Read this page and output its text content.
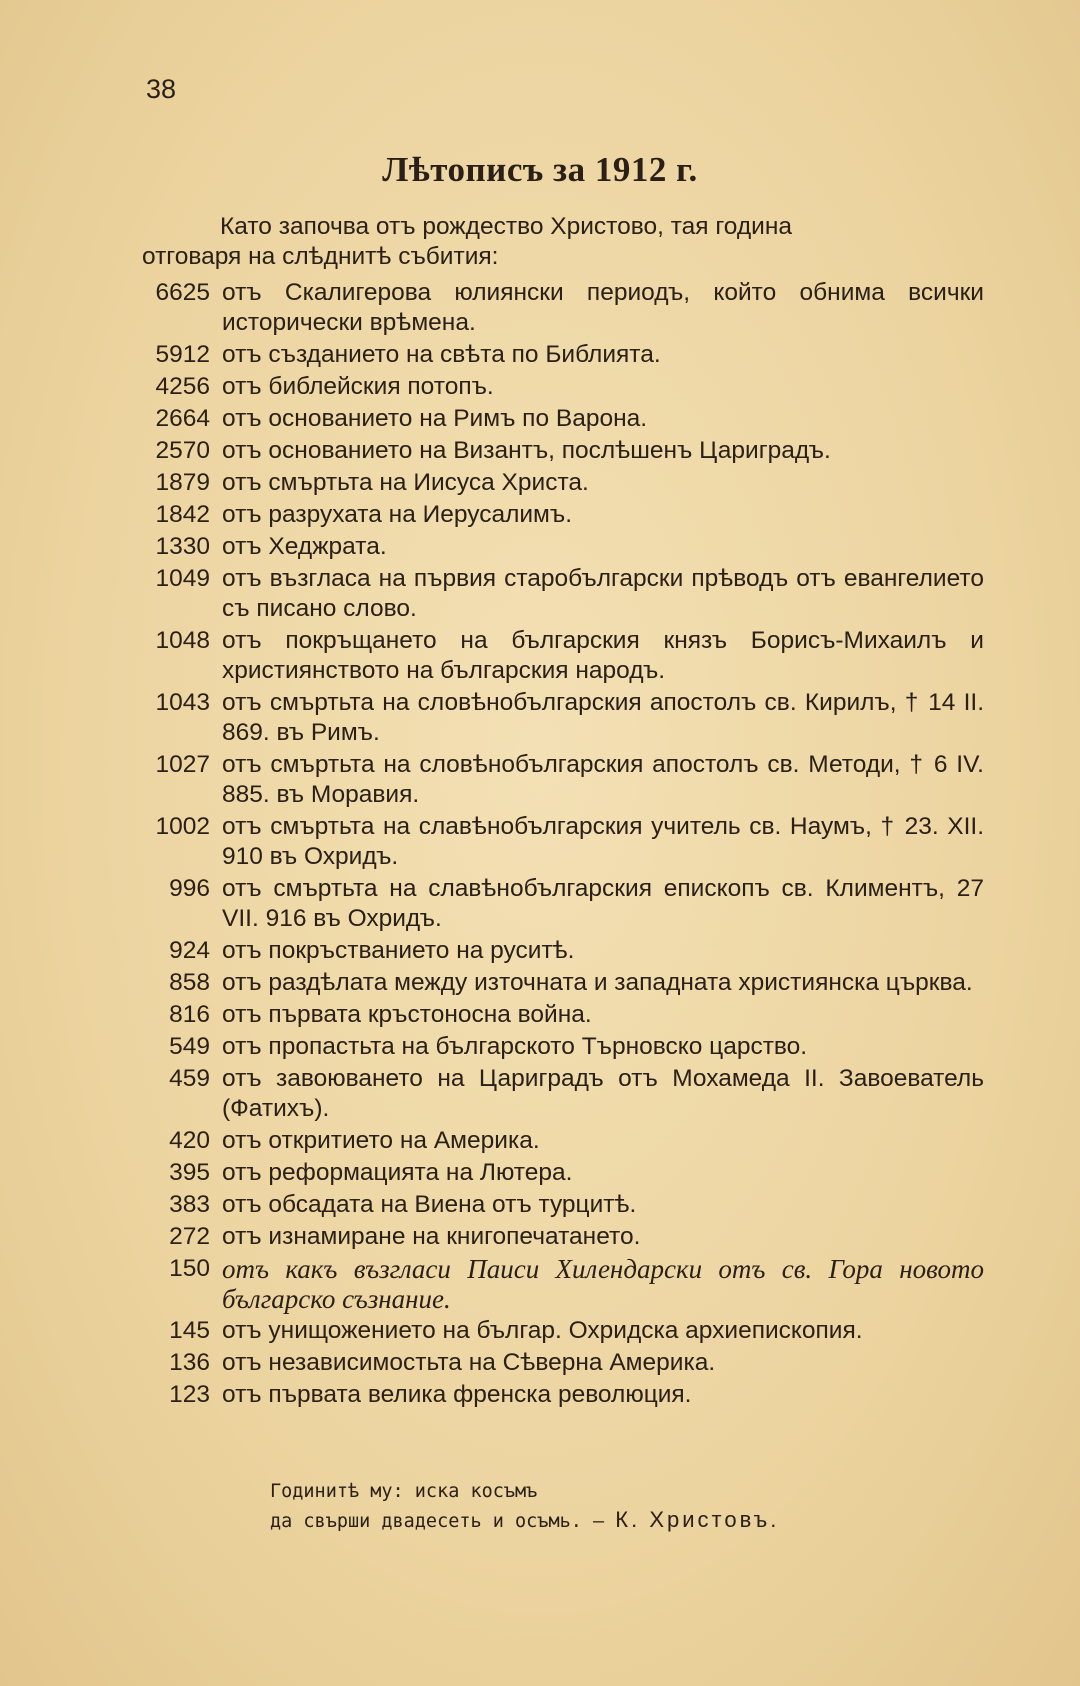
38
Лѣтописъ за 1912 г.
Като започва отъ рождество Христово, тая година
отговаря на слѣднитѣ събития:
6625 отъ Скалигерова юлиянски периодъ, който обнима всички исторически врѣмена.
5912 отъ създанието на свѣта по Библията.
4256 отъ библейския потопъ.
2664 отъ основанието на Римъ по Варона.
2570 отъ основанието на Византъ, послѣшенъ Цариградъ.
1879 отъ смъртьта на Иисуса Христа.
1842 отъ разрухата на Иерусалимъ.
1330 отъ Хеджрата.
1049 отъ възгласа на първия старобългарски прѣводъ отъ евангелието съ писано слово.
1048 отъ покръщането на българския князъ Борисъ-Михаилъ и християнството на българския народъ.
1043 отъ смъртьта на словѣнобългарския апостолъ св. Кирилъ, † 14 II. 869. въ Римъ.
1027 отъ смъртьта на словѣнобългарския апостолъ св. Методи, † 6 IV. 885. въ Моравия.
1002 отъ смъртьта на славѣнобългарския учитель св. Наумъ, † 23. XII. 910 въ Охридъ.
996 отъ смъртьта на славѣнобългарския епископъ св. Климентъ, 27 VII. 916 въ Охридъ.
924 отъ покръстванието на руситѣ.
858 отъ раздѣлата между източната и западната християнска църква.
816 отъ първата кръстоносна война.
549 отъ пропастьта на българското Търновско царство.
459 отъ завоюването на Цариградъ отъ Мохамеда II. Завоеватель (Фатихъ).
420 отъ откритието на Америка.
395 отъ реформацията на Лютера.
383 отъ обсадата на Виена отъ турцитѣ.
272 отъ изнамиране на книгопечатането.
150 отъ какъ възгласи Паиси Хилендарски отъ св. Гора новото българско съзнание.
145 отъ унищожението на българ. Охридска архиепископия.
136 отъ независимостьта на Сѣверна Америка.
123 отъ първата велика френска революция.
Годинитѣ му: иска косъмъ
да свърши двадесеть и осъмь. — К. Христовъ.
